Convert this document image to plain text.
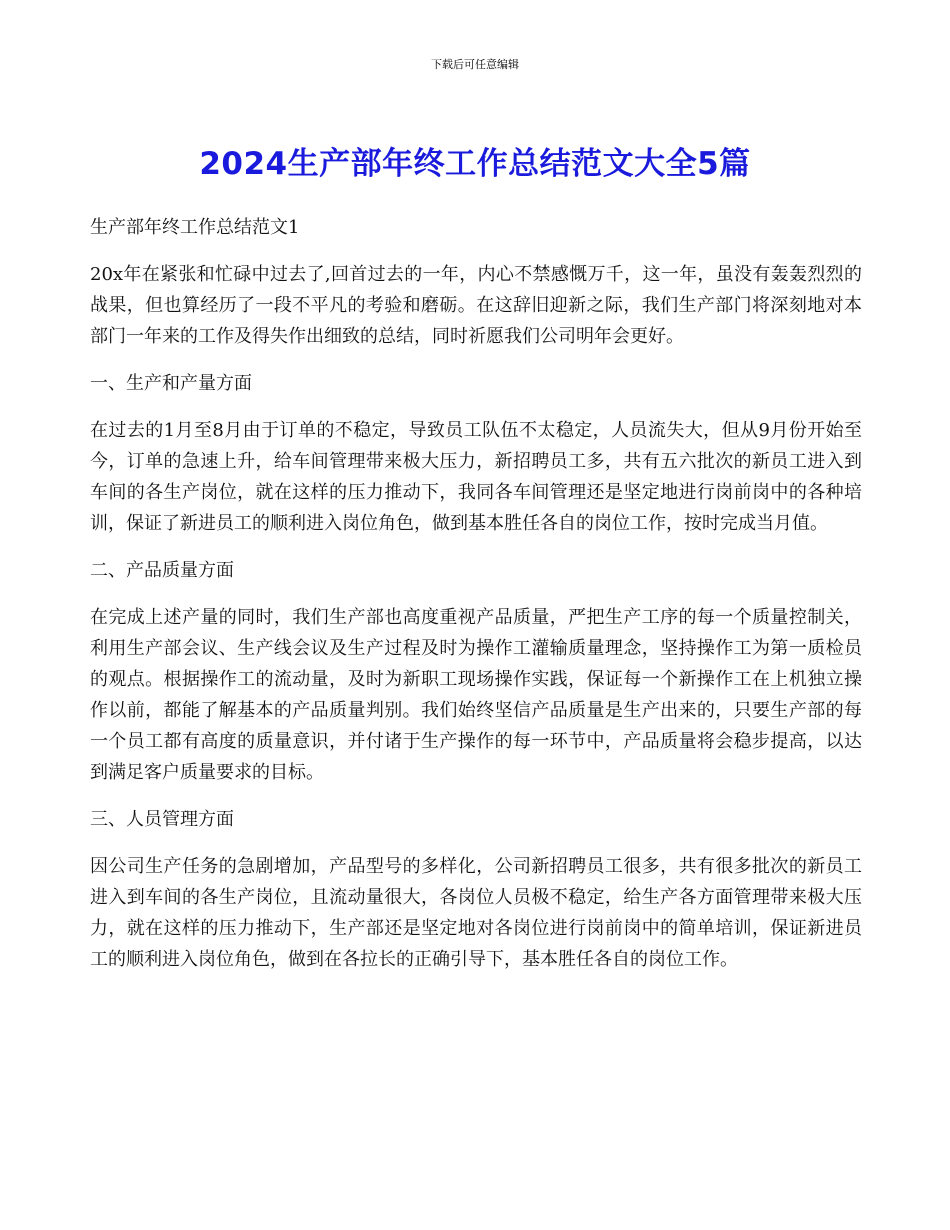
下载后可任意编辑
2024生产部年终工作总结范文大全5篇

生产部年终工作总结范文1

20x年在紧张和忙碌中过去了,回首过去的一年，内心不禁感慨万千，这一年，虽没有轰轰烈烈的战果，但也算经历了一段不平凡的考验和磨砺。在这辞旧迎新之际，我们生产部门将深刻地对本部门一年来的工作及得失作出细致的总结，同时祈愿我们公司明年会更好。

一、生产和产量方面

在过去的1月至8月由于订单的不稳定，导致员工队伍不太稳定，人员流失大，但从9月份开始至今，订单的急速上升，给车间管理带来极大压力，新招聘员工多，共有五六批次的新员工进入到车间的各生产岗位，就在这样的压力推动下，我同各车间管理还是坚定地进行岗前岗中的各种培训，保证了新进员工的顺利进入岗位角色，做到基本胜任各自的岗位工作，按时完成当月值。

二、产品质量方面

在完成上述产量的同时，我们生产部也高度重视产品质量，严把生产工序的每一个质量控制关，利用生产部会议、生产线会议及生产过程及时为操作工灌输质量理念，坚持操作工为第一质检员的观点。根据操作工的流动量，及时为新职工现场操作实践，保证每一个新操作工在上机独立操作以前，都能了解基本的产品质量判别。我们始终坚信产品质量是生产出来的，只要生产部的每一个员工都有高度的质量意识，并付诸于生产操作的每一环节中，产品质量将会稳步提高，以达到满足客户质量要求的目标。

三、人员管理方面

因公司生产任务的急剧增加，产品型号的多样化，公司新招聘员工很多，共有很多批次的新员工进入到车间的各生产岗位，且流动量很大，各岗位人员极不稳定，给生产各方面管理带来极大压力，就在这样的压力推动下，生产部还是坚定地对各岗位进行岗前岗中的简单培训，保证新进员工的顺利进入岗位角色，做到在各拉长的正确引导下，基本胜任各自的岗位工作。
